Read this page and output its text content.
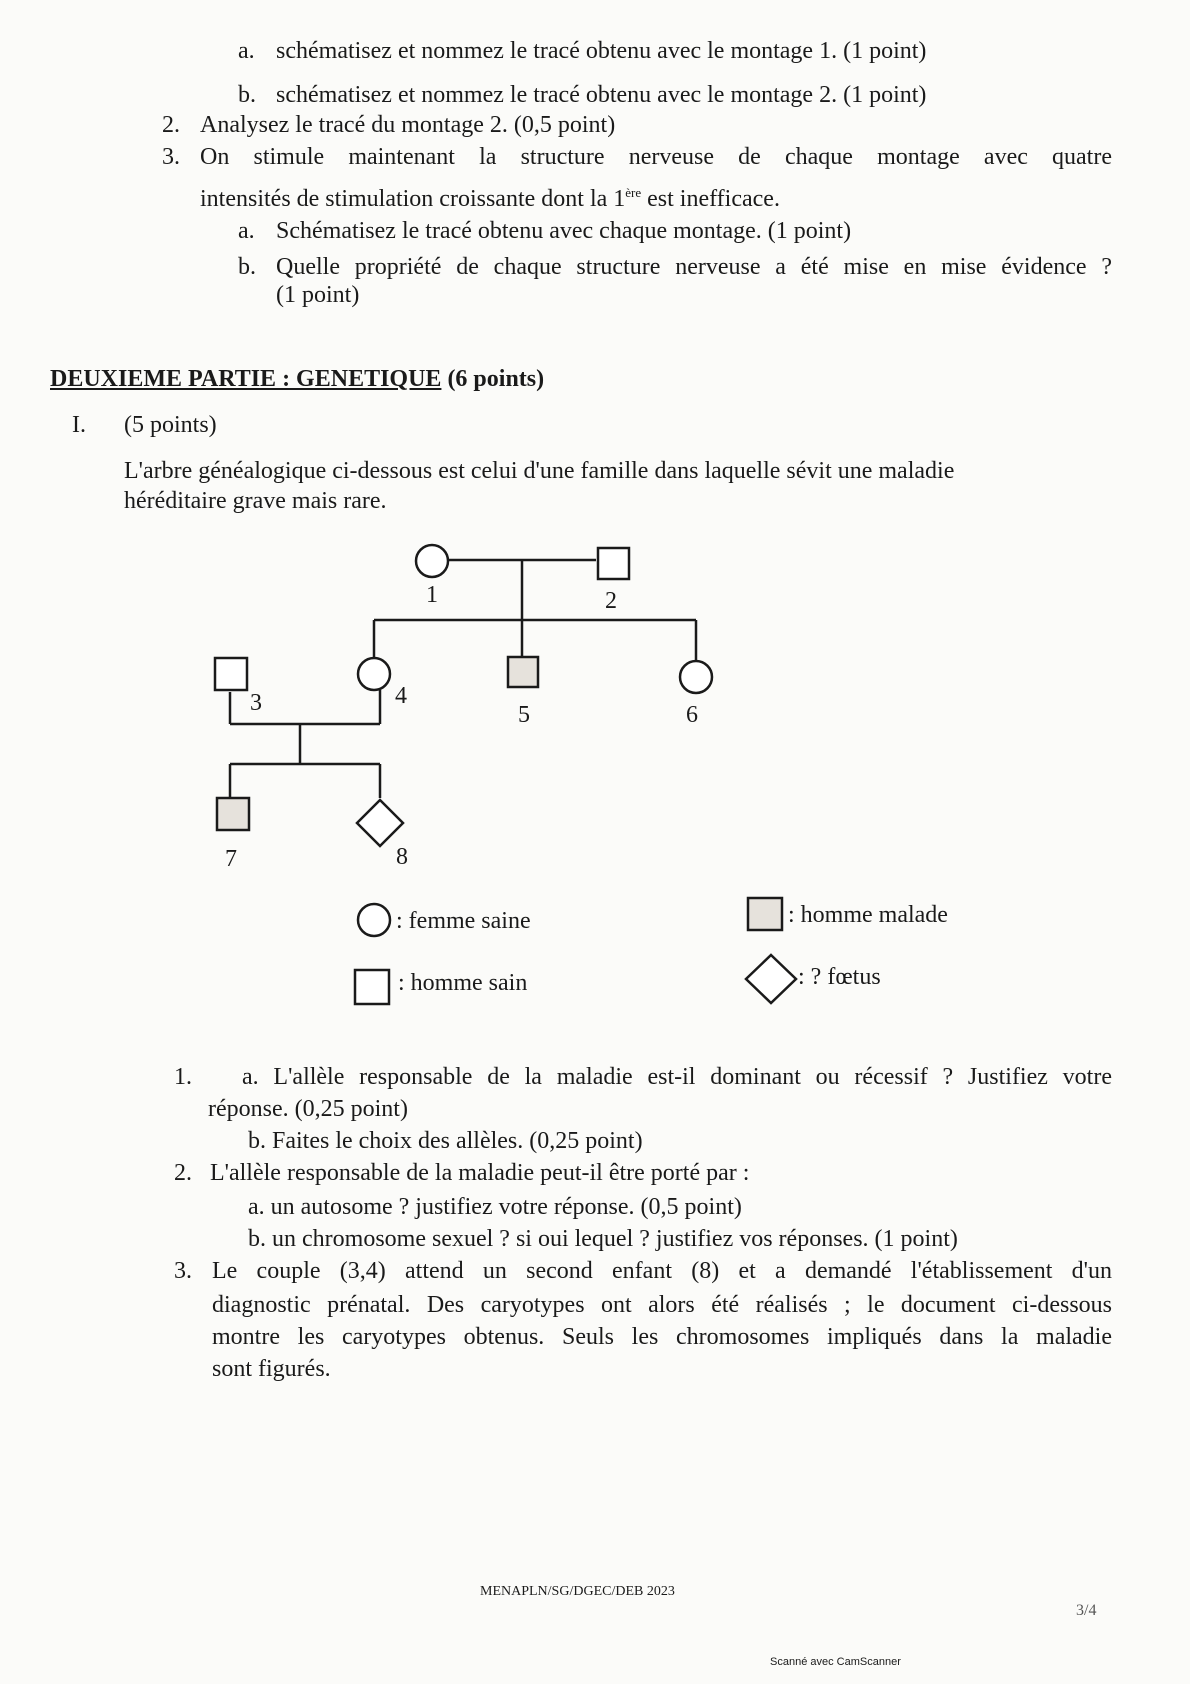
a. schématisez et nommez le tracé obtenu avec le montage 1. (1 point)
b. schématisez et nommez le tracé obtenu avec le montage 2. (1 point)
2. Analysez le tracé du montage 2. (0,5 point)
3. On stimule maintenant la structure nerveuse de chaque montage avec quatre
intensités de stimulation croissante dont la 1ère est inefficace.
a. Schématisez le tracé obtenu avec chaque montage. (1 point)
b. Quelle propriété de chaque structure nerveuse a été mise en mise évidence ?
(1 point)
DEUXIEME PARTIE : GENETIQUE (6 points)
I. (5 points)
L'arbre généalogique ci-dessous est celui d'une famille dans laquelle sévit une maladie
héréditaire grave mais rare.
1	2
3	4
5	6
7	8
: femme saine
: homme sain
: homme malade
: ? fœtus
1. a. L'allèle responsable de la maladie est-il dominant ou récessif ? Justifiez votre
réponse. (0,25 point)
b. Faites le choix des allèles. (0,25 point)
2. L'allèle responsable de la maladie peut-il être porté par :
a. un autosome ? justifiez votre réponse. (0,5 point)
b. un chromosome sexuel ? si oui lequel ? justifiez vos réponses. (1 point)
3. Le couple (3,4) attend un second enfant (8) et a demandé l'établissement d'un
diagnostic prénatal. Des caryotypes ont alors été réalisés ; le document ci-dessous
montre les caryotypes obtenus. Seuls les chromosomes impliqués dans la maladie
sont figurés.
MENAPLN/SG/DGEC/DEB 2023
3/4
Scanné avec CamScanner
